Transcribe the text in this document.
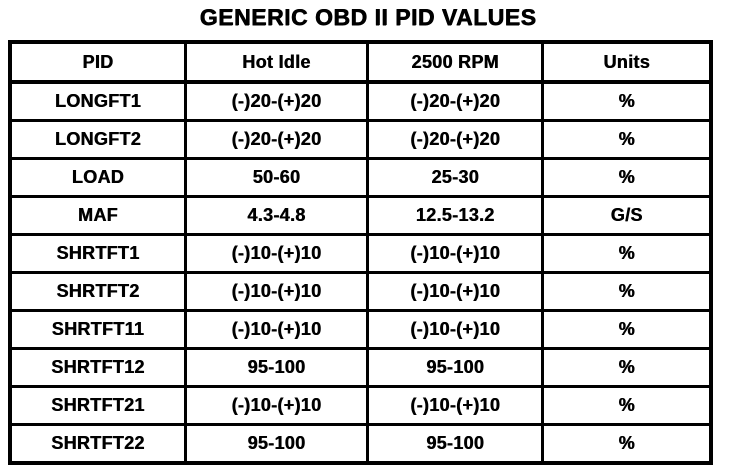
GENERIC OBD II PID VALUES
PID	Hot Idle	2500 RPM	Units
LONGFT1	(-)20-(+)20	(-)20-(+)20	%
LONGFT2	(-)20-(+)20	(-)20-(+)20	%
LOAD	50-60	25-30	%
MAF	4.3-4.8	12.5-13.2	G/S
SHRTFT1	(-)10-(+)10	(-)10-(+)10	%
SHRTFT2	(-)10-(+)10	(-)10-(+)10	%
SHRTFT11	(-)10-(+)10	(-)10-(+)10	%
SHRTFT12	95-100	95-100	%
SHRTFT21	(-)10-(+)10	(-)10-(+)10	%
SHRTFT22	95-100	95-100	%
